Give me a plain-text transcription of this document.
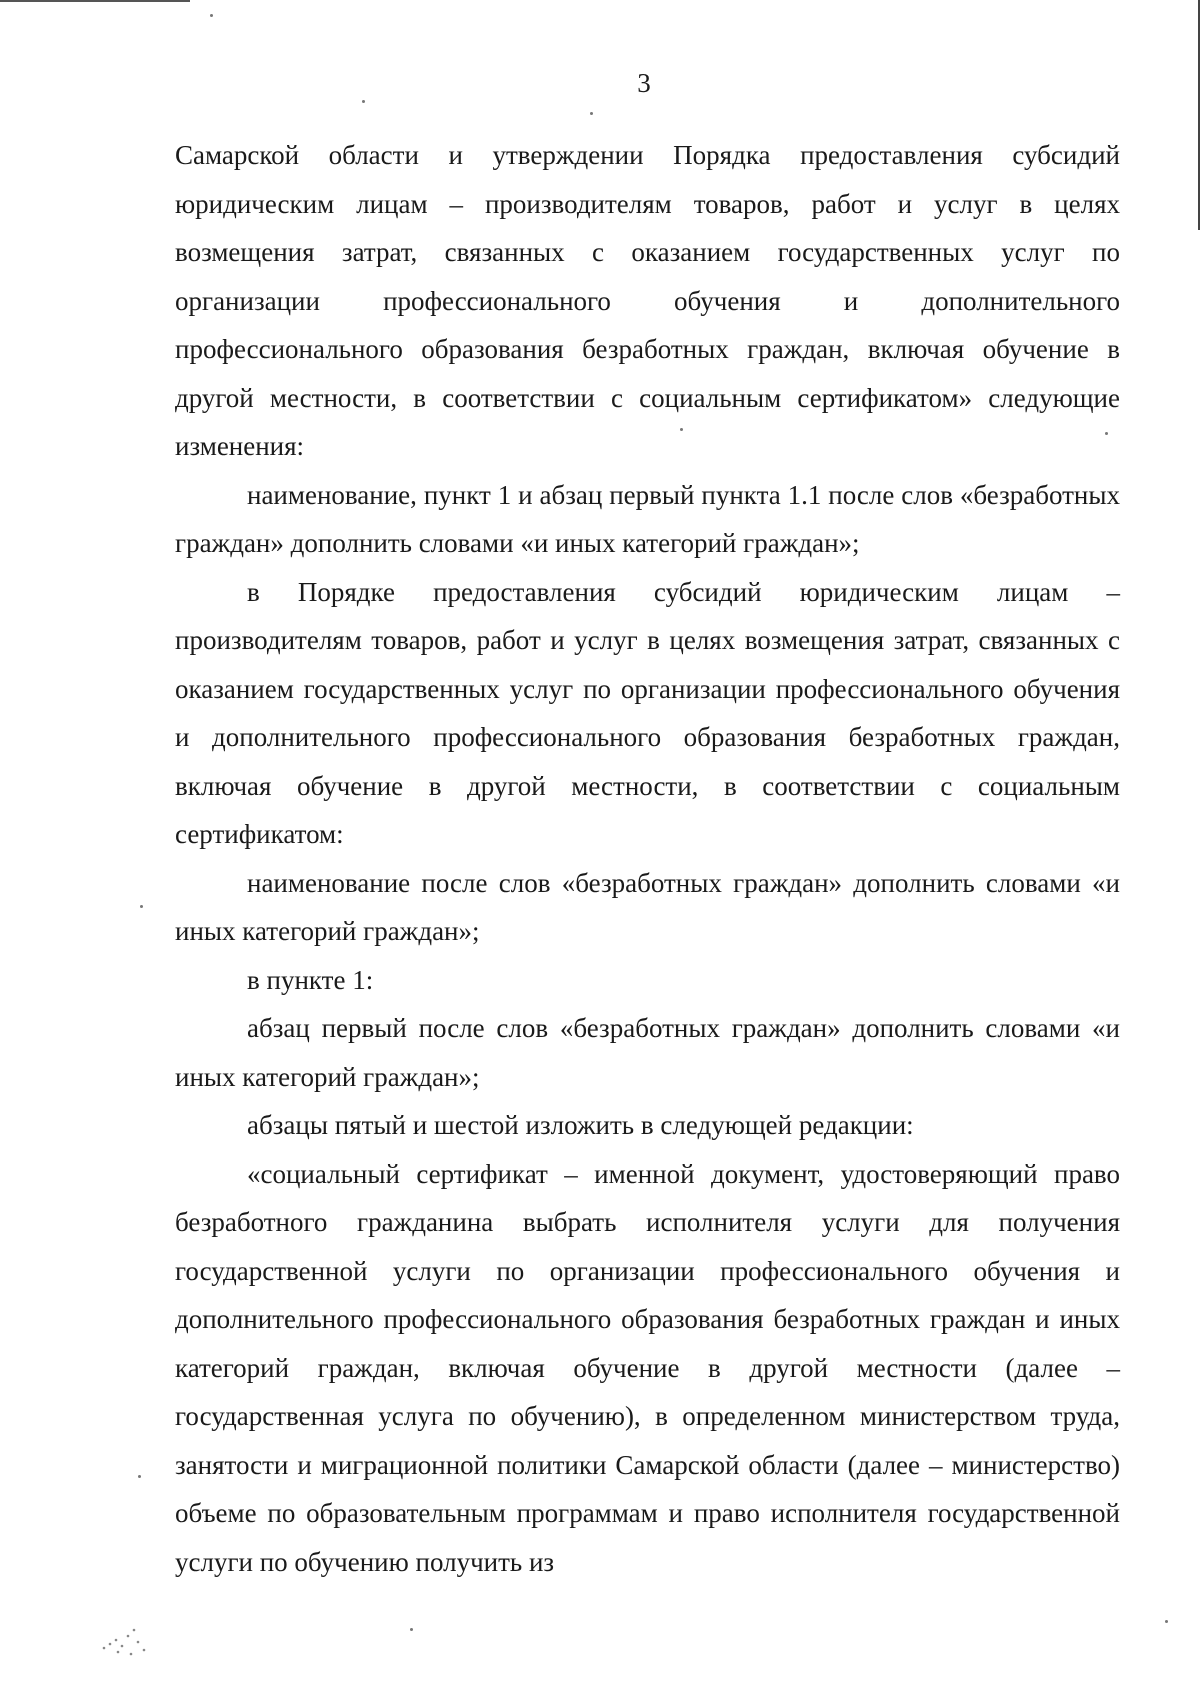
3

Самарской области и утверждении Порядка предоставления субсидий юридическим лицам – производителям товаров, работ и услуг в целях возмещения затрат, связанных с оказанием государственных услуг по организации профессионального обучения и дополнительного профессионального образования безработных граждан, включая обучение в другой местности, в соответствии с социальным сертификатом» следующие изменения:

наименование, пункт 1 и абзац первый пункта 1.1 после слов «безработных граждан» дополнить словами «и иных категорий граждан»;

в Порядке предоставления субсидий юридическим лицам – производителям товаров, работ и услуг в целях возмещения затрат, связанных с оказанием государственных услуг по организации профессионального обучения и дополнительного профессионального образования безработных граждан, включая обучение в другой местности, в соответствии с социальным сертификатом:

наименование после слов «безработных граждан» дополнить словами «и иных категорий граждан»;

в пункте 1:

абзац первый после слов «безработных граждан» дополнить словами «и иных категорий граждан»;

абзацы пятый и шестой изложить в следующей редакции:

«социальный сертификат – именной документ, удостоверяющий право безработного гражданина выбрать исполнителя услуги для получения государственной услуги по организации профессионального обучения и дополнительного профессионального образования безработных граждан и иных категорий граждан, включая обучение в другой местности (далее – государственная услуга по обучению), в определенном министерством труда, занятости и миграционной политики Самарской области (далее – министерство) объеме по образовательным программам и право исполнителя государственной услуги по обучению получить из
